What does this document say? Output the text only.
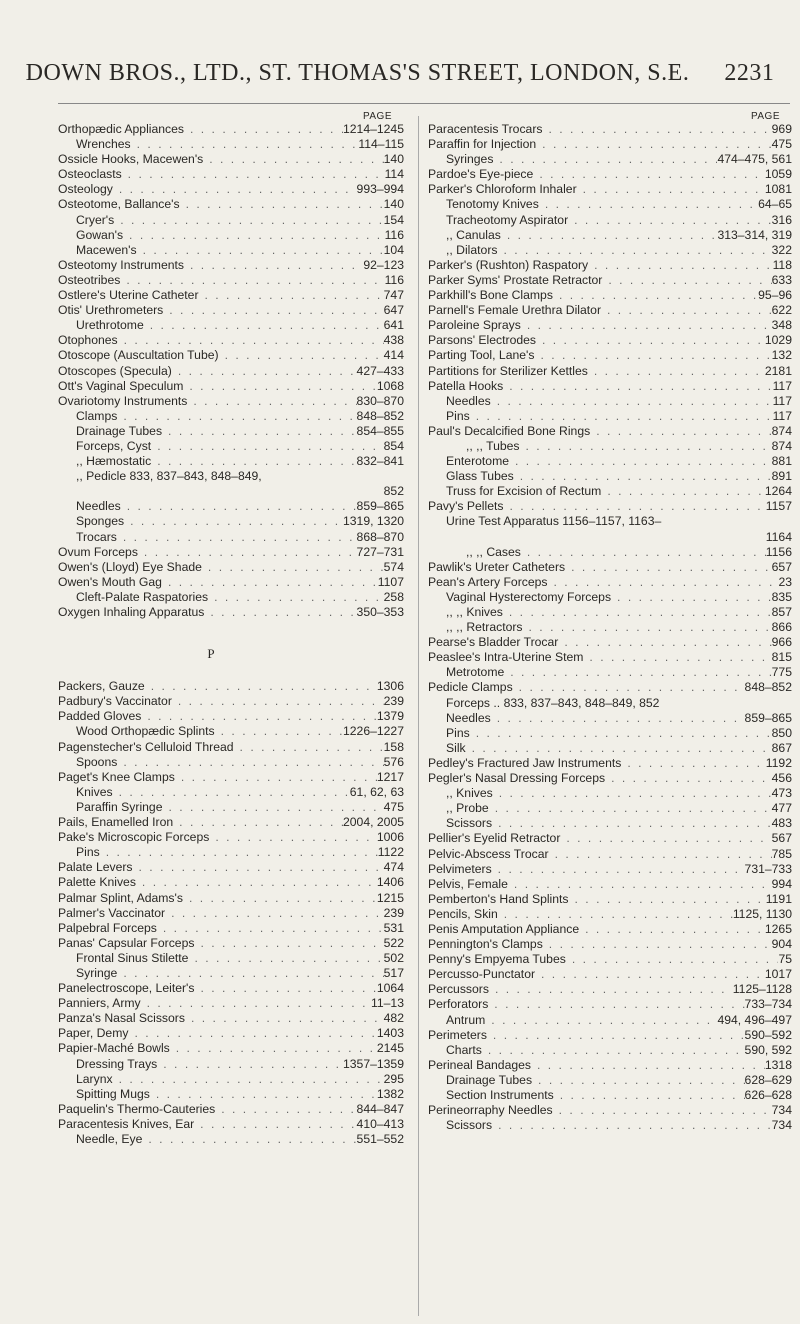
DOWN BROS., LTD., ST. THOMAS'S STREET, LONDON, S.E. 2231
PAGE
Orthopædic Appliances . . .	1214–1245
Wrenches . . .	114–115
Ossicle Hooks, Macewen's . . .	140
Osteoclasts . . .	114
Osteology . . .	993–994
Osteotome, Ballance's . . .	140
Cryer's . . .	154
Gowan's . . .	116
Macewen's . . .	104
Osteotomy Instruments . . .	92–123
Osteotribes . . .	116
Ostlere's Uterine Catheter . . .	747
Otis' Urethrometers . . .	647
Urethrotome . . .	641
Otophones . . .	438
Otoscope (Auscultation Tube) . . .	414
Otoscopes (Specula) . . .	427–433
Ott's Vaginal Speculum . . .	1068
Ovariotomy Instruments . . .	830–870
Clamps . . .	848–852
Drainage Tubes . . .	854–855
Forceps, Cyst . . .	854
,, Hæmostatic . . .	832–841
,, Pedicle 833, 837–843, 848–849,
852
Needles . . .	859–865
Sponges . . .	1319, 1320
Trocars . . .	868–870
Ovum Forceps . . .	727–731
Owen's (Lloyd) Eye Shade . . .	574
Owen's Mouth Gag . . .	1107
Cleft-Palate Raspatories . . .	258
Oxygen Inhaling Apparatus . . .	350–353
P
Packers, Gauze . . .	1306
Padbury's Vaccinator . . .	239
Padded Gloves . . .	1379
Wood Orthopædic Splints . . .	1226–1227
Pagenstecher's Celluloid Thread . . .	158
Spoons . . .	576
Paget's Knee Clamps . . .	1217
Knives . . .	61, 62, 63
Paraffin Syringe . . .	475
Pails, Enamelled Iron . . .	2004, 2005
Pake's Microscopic Forceps . . .	1006
Pins . . .	1122
Palate Levers . . .	474
Palette Knives . . .	1406
Palmar Splint, Adams's . . .	1215
Palmer's Vaccinator . . .	239
Palpebral Forceps . . .	531
Panas' Capsular Forceps . . .	522
Frontal Sinus Stilette . . .	502
Syringe . . .	517
Panelectroscope, Leiter's . . .	1064
Panniers, Army . . .	11–13
Panza's Nasal Scissors . . .	482
Paper, Demy . . .	1403
Papier-Maché Bowls . . .	2145
Dressing Trays . . .	1357–1359
Larynx . . .	295
Spitting Mugs . . .	1382
Paquelin's Thermo-Cauteries . . .	844–847
Paracentesis Knives, Ear . . .	410–413
Needle, Eye . . .	551–552
PAGE
Paracentesis Trocars . . .	969
Paraffin for Injection . . .	475
Syringes . . .	474–475, 561
Pardoe's Eye-piece . . .	1059
Parker's Chloroform Inhaler . . .	1081
Tenotomy Knives . . .	64–65
Tracheotomy Aspirator . . .	316
,, Canulas . . .	313–314, 319
,, Dilators . . .	322
Parker's (Rushton) Raspatory . . .	118
Parker Syms' Prostate Retractor . . .	633
Parkhill's Bone Clamps . . .	95–96
Parnell's Female Urethra Dilator . . .	622
Paroleine Sprays . . .	348
Parsons' Electrodes . . .	1029
Parting Tool, Lane's . . .	132
Partitions for Sterilizer Kettles . . .	2181
Patella Hooks . . .	117
Needles . . .	117
Pins . . .	117
Paul's Decalcified Bone Rings . . .	874
,, ,, Tubes . . .	874
Enterotome . . .	881
Glass Tubes . . .	891
Truss for Excision of Rectum . . .	1264
Pavy's Pellets . . .	1157
Urine Test Apparatus 1156–1157, 1163–
1164
,, ,, Cases . . .	1156
Pawlik's Ureter Catheters . . .	657
Pean's Artery Forceps . . .	23
Vaginal Hysterectomy Forceps . . .	835
,, ,, Knives . . .	857
,, ,, Retractors . . .	866
Pearse's Bladder Trocar . . .	966
Peaslee's Intra-Uterine Stem . . .	815
Metrotome . . .	775
Pedicle Clamps . . .	848–852
Forceps .. 833, 837–843, 848–849, 852
Needles . . .	859–865
Pins . . .	850
Silk . . .	867
Pedley's Fractured Jaw Instruments . . .	1192
Pegler's Nasal Dressing Forceps . . .	456
,, Knives . . .	473
,, Probe . . .	477
Scissors . . .	483
Pellier's Eyelid Retractor . . .	567
Pelvic-Abscess Trocar . . .	785
Pelvimeters . . .	731–733
Pelvis, Female . . .	994
Pemberton's Hand Splints . . .	1191
Pencils, Skin . . .	1125, 1130
Penis Amputation Appliance . . .	1265
Pennington's Clamps . . .	904
Penny's Empyema Tubes . . .	75
Percusso-Punctator . . .	1017
Percussors . . .	1125–1128
Perforators . . .	733–734
Antrum . . .	494, 496–497
Perimeters . . .	590–592
Charts . . .	590, 592
Perineal Bandages . . .	1318
Drainage Tubes . . .	628–629
Section Instruments . . .	626–628
Perineorraphy Needles . . .	734
Scissors . . .	734
